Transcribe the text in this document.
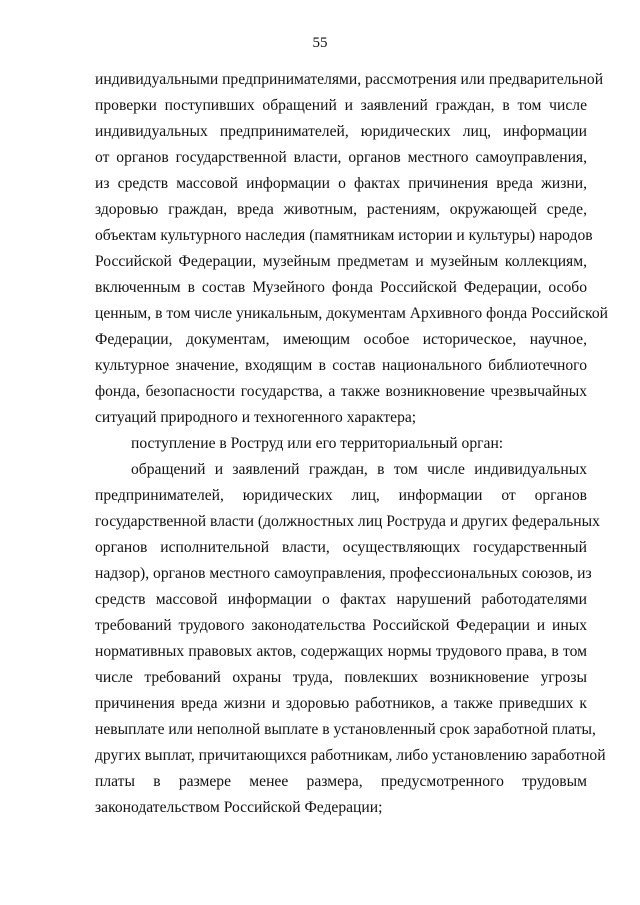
55
индивидуальными предпринимателями, рассмотрения или предварительной
проверки поступивших обращений и заявлений граждан, в том числе
индивидуальных предпринимателей, юридических лиц, информации
от органов государственной власти, органов местного самоуправления,
из средств массовой информации о фактах причинения вреда жизни,
здоровью граждан, вреда животным, растениям, окружающей среде,
объектам культурного наследия (памятникам истории и культуры) народов
Российской Федерации, музейным предметам и музейным коллекциям,
включенным в состав Музейного фонда Российской Федерации, особо
ценным, в том числе уникальным, документам Архивного фонда Российской
Федерации, документам, имеющим особое историческое, научное,
культурное значение, входящим в состав национального библиотечного
фонда, безопасности государства, а также возникновение чрезвычайных
ситуаций природного и техногенного характера;
поступление в Роструд или его территориальный орган:
обращений и заявлений граждан, в том числе индивидуальных
предпринимателей, юридических лиц, информации от органов
государственной власти (должностных лиц Роструда и других федеральных
органов исполнительной власти, осуществляющих государственный
надзор), органов местного самоуправления, профессиональных союзов, из
средств массовой информации о фактах нарушений работодателями
требований трудового законодательства Российской Федерации и иных
нормативных правовых актов, содержащих нормы трудового права, в том
числе требований охраны труда, повлекших возникновение угрозы
причинения вреда жизни и здоровью работников, а также приведших к
невыплате или неполной выплате в установленный срок заработной платы,
других выплат, причитающихся работникам, либо установлению заработной
платы в размере менее размера, предусмотренного трудовым
законодательством Российской Федерации;
